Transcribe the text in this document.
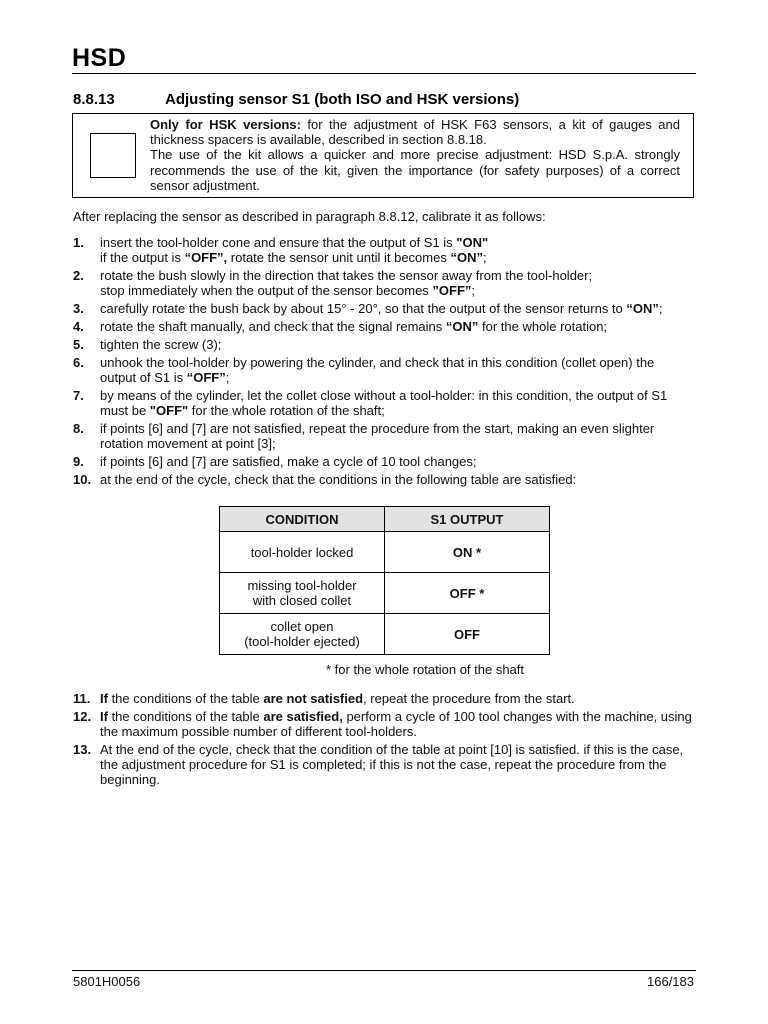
HSD
8.8.13	Adjusting sensor S1 (both ISO and HSK versions)
Only for HSK versions: for the adjustment of HSK F63 sensors, a kit of gauges and thickness spacers is available, described in section 8.8.18.
The use of the kit allows a quicker and more precise adjustment: HSD S.p.A. strongly recommends the use of the kit, given the importance (for safety purposes) of a correct sensor adjustment.
After replacing the sensor as described in paragraph 8.8.12, calibrate it as follows:
1.	insert the tool-holder cone and ensure that the output of S1 is "ON"
if the output is “OFF”, rotate the sensor unit until it becomes “ON”;
2.	rotate the bush slowly in the direction that takes the sensor away from the tool-holder;
stop immediately when the output of the sensor becomes ”OFF”;
3.	carefully rotate the bush back by about 15° - 20°, so that the output of the sensor returns to “ON”;
4.	rotate the shaft manually, and check that the signal remains “ON” for the whole rotation;
5.	tighten the screw (3);
6.	unhook the tool-holder by powering the cylinder, and check that in this condition (collet open) the output of S1 is “OFF”;
7.	by means of the cylinder, let the collet close without a tool-holder: in this condition, the output of S1 must be "OFF" for the whole rotation of the shaft;
8.	if points [6] and [7] are not satisfied, repeat the procedure from the start, making an even slighter rotation movement at point [3];
9.	if points [6] and [7] are satisfied, make a cycle of 10 tool changes;
10. at the end of the cycle, check that the conditions in the following table are satisfied:
CONDITION	S1 OUTPUT
tool-holder locked	ON *
missing tool-holder
with closed collet	OFF *
collet open
(tool-holder ejected)	OFF
* for the whole rotation of the shaft
11. If the conditions of the table are not satisfied, repeat the procedure from the start.
12. If the conditions of the table are satisfied, perform a cycle of 100 tool changes with the machine, using the maximum possible number of different tool-holders.
13. At the end of the cycle, check that the condition of the table at point [10] is satisfied. if this is the case, the adjustment procedure for S1 is completed; if this is not the case, repeat the procedure from the beginning.
5801H0056	166/183
